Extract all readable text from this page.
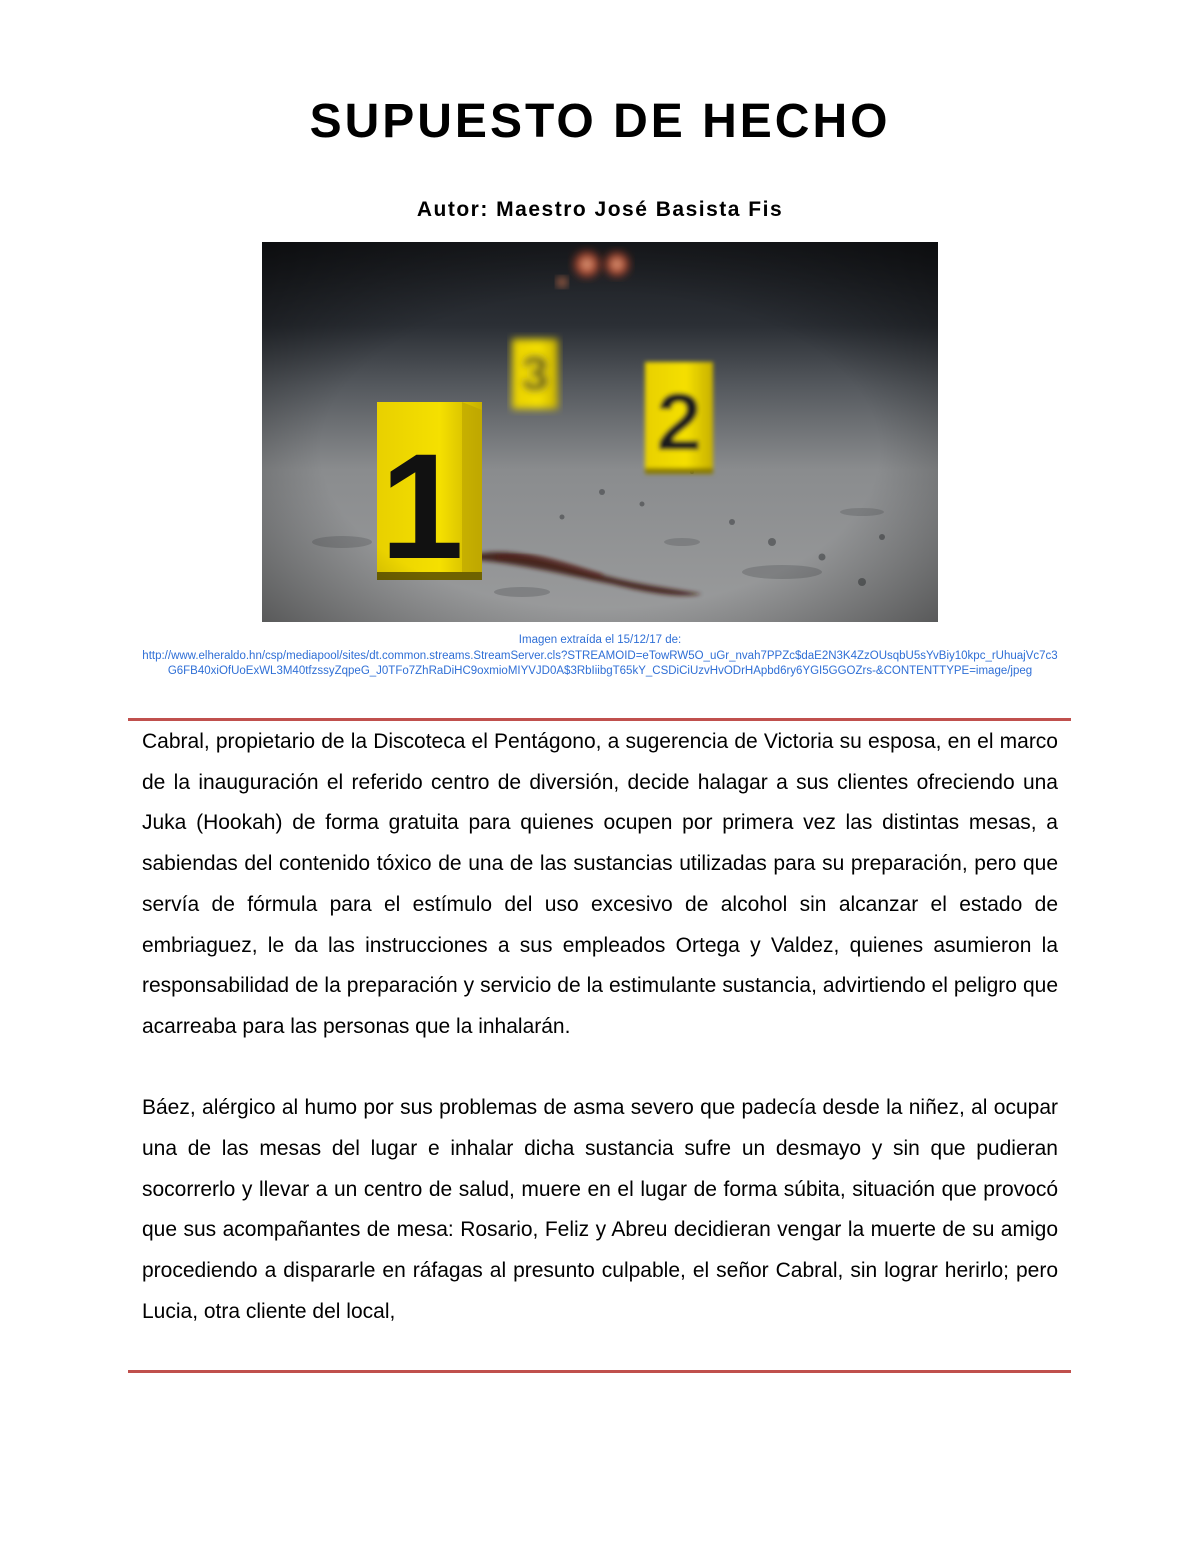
SUPUESTO DE HECHO
Autor: Maestro José Basista Fis
Imagen extraída el 15/12/17 de:
http://www.elheraldo.hn/csp/mediapool/sites/dt.common.streams.StreamServer.cls?STREAMOID=eTowRW5O_uGr_nvah7PPZc$daE2N3K4ZzOUsqbU5sYvBiy10kpc_rUhuajVc7c3G6FB40xiOfUoExWL3M40tfzssyZqpeG_J0TFo7ZhRaDiHC9oxmioMIYVJD0A$3RbIiibgT65kY_CSDiCiUzvHvODrHApbd6ry6YGI5GGOZrs-&CONTENTTYPE=image/jpeg

Cabral, propietario de la Discoteca el Pentágono, a sugerencia de Victoria su esposa, en el marco de la inauguración el referido centro de diversión, decide halagar a sus clientes ofreciendo una Juka (Hookah) de forma gratuita para quienes ocupen por primera vez las distintas mesas, a sabiendas del contenido tóxico de una de las sustancias utilizadas para su preparación, pero que servía de fórmula para el estímulo del uso excesivo de alcohol sin alcanzar el estado de embriaguez, le da las instrucciones a sus empleados Ortega y Valdez, quienes asumieron la responsabilidad de la preparación y servicio de la estimulante sustancia, advirtiendo el peligro que acarreaba para las personas que la inhalarán.

Báez, alérgico al humo por sus problemas de asma severo que padecía desde la niñez, al ocupar una de las mesas del lugar e inhalar dicha sustancia sufre un desmayo y sin que pudieran socorrerlo y llevar a un centro de salud, muere en el lugar de forma súbita, situación que provocó que sus acompañantes de mesa: Rosario, Feliz y Abreu decidieran vengar la muerte de su amigo procediendo a dispararle en ráfagas al presunto culpable, el señor Cabral, sin lograr herirlo; pero Lucia, otra cliente del local,
